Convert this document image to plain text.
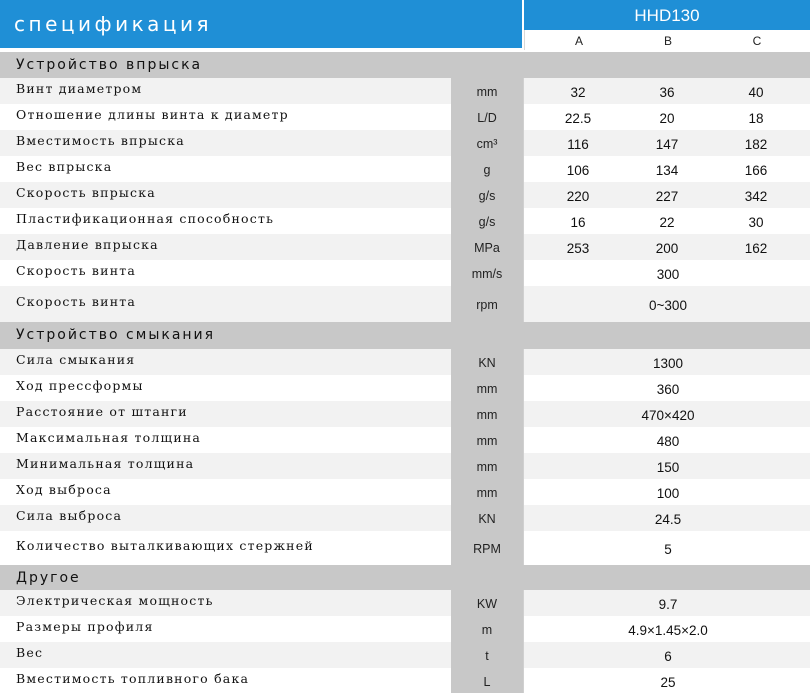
спецификация	HHD130
A	B	C
Устройство впрыска
Винт диаметром	mm	32	36	40
Отношение длины винта к диаметр	L/D	22.5	20	18
Вместимость впрыска	cm³	116	147	182
Вес впрыска	g	106	134	166
Скорость впрыска	g/s	220	227	342
Пластификационная способность	g/s	16	22	30
Давление впрыска	MPa	253	200	162
Скорость винта	mm/s	300
Скорость винта	rpm	0~300
Устройство смыкания
Сила смыкания	KN	1300
Ход прессформы	mm	360
Расстояние от штанги	mm	470×420
Максимальная толщина	mm	480
Минимальная толщина	mm	150
Ход выброса	mm	100
Сила выброса	KN	24.5
Количество выталкивающих стержней	RPM	5
Другое
Электрическая мощность	KW	9.7
Размеры профиля	m	4.9×1.45×2.0
Вес	t	6
Вместимость топливного бака	L	25
